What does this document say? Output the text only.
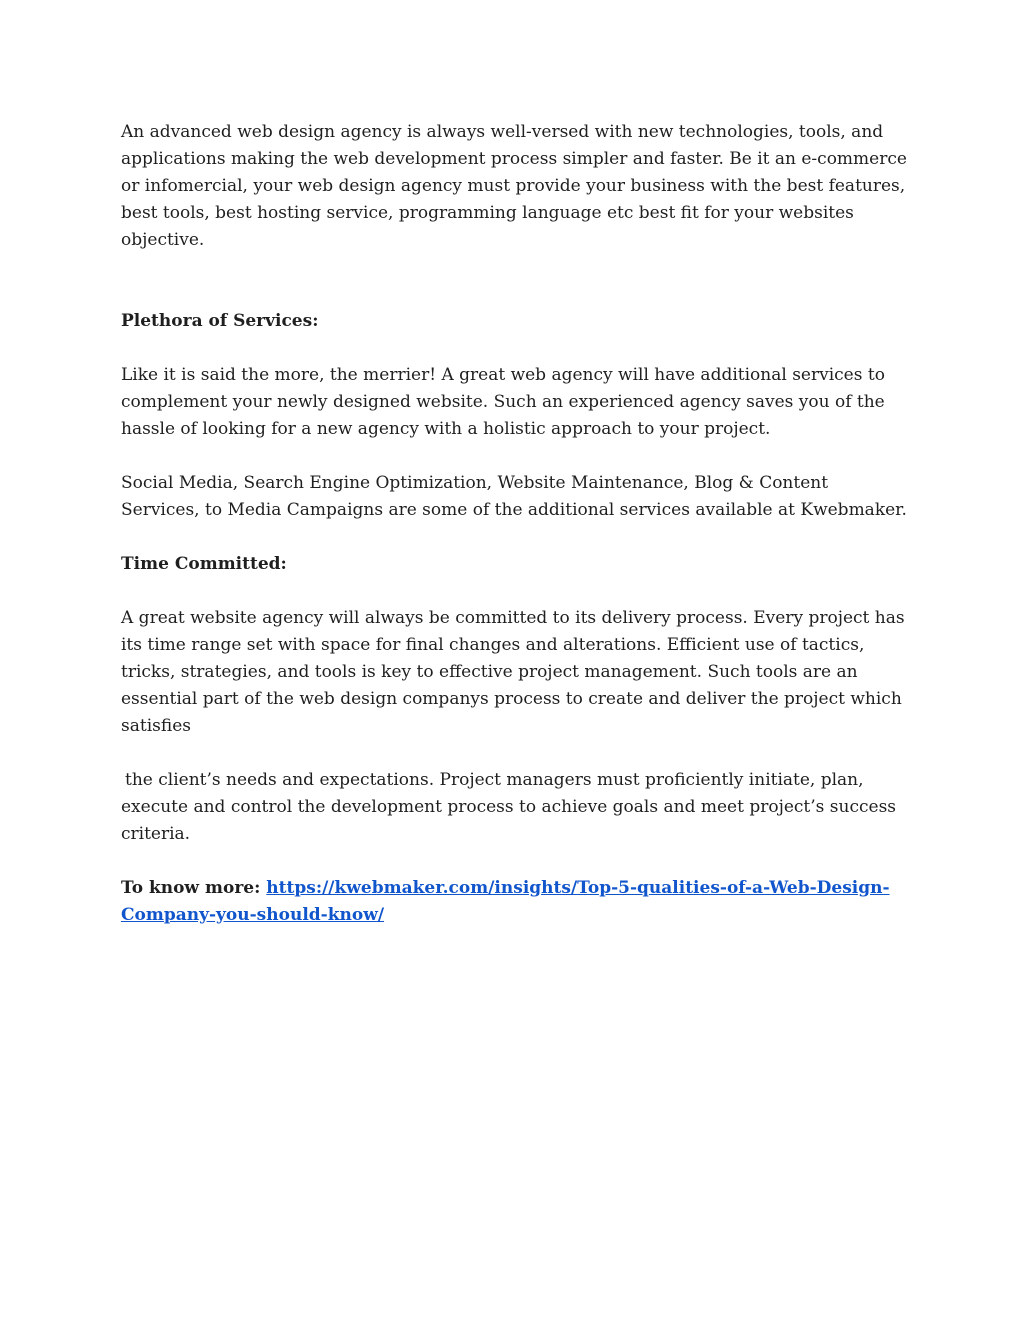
An advanced web design agency is always well-versed with new technologies, tools, and applications making the web development process simpler and faster. Be it an e-commerce or infomercial, your web design agency must provide your business with the best features, best tools, best hosting service, programming language etc best fit for your websites objective.

Plethora of Services:

Like it is said the more, the merrier! A great web agency will have additional services to complement your newly designed website. Such an experienced agency saves you of the hassle of looking for a new agency with a holistic approach to your project.

Social Media, Search Engine Optimization, Website Maintenance, Blog & Content Services, to Media Campaigns are some of the additional services available at Kwebmaker.

Time Committed:

A great website agency will always be committed to its delivery process. Every project has its time range set with space for final changes and alterations. Efficient use of tactics, tricks, strategies, and tools is key to effective project management. Such tools are an essential part of the web design companys process to create and deliver the project which satisfies

the client’s needs and expectations. Project managers must proficiently initiate, plan, execute and control the development process to achieve goals and meet project’s success criteria.

To know more: https://kwebmaker.com/insights/Top-5-qualities-of-a-Web-Design-Company-you-should-know/
